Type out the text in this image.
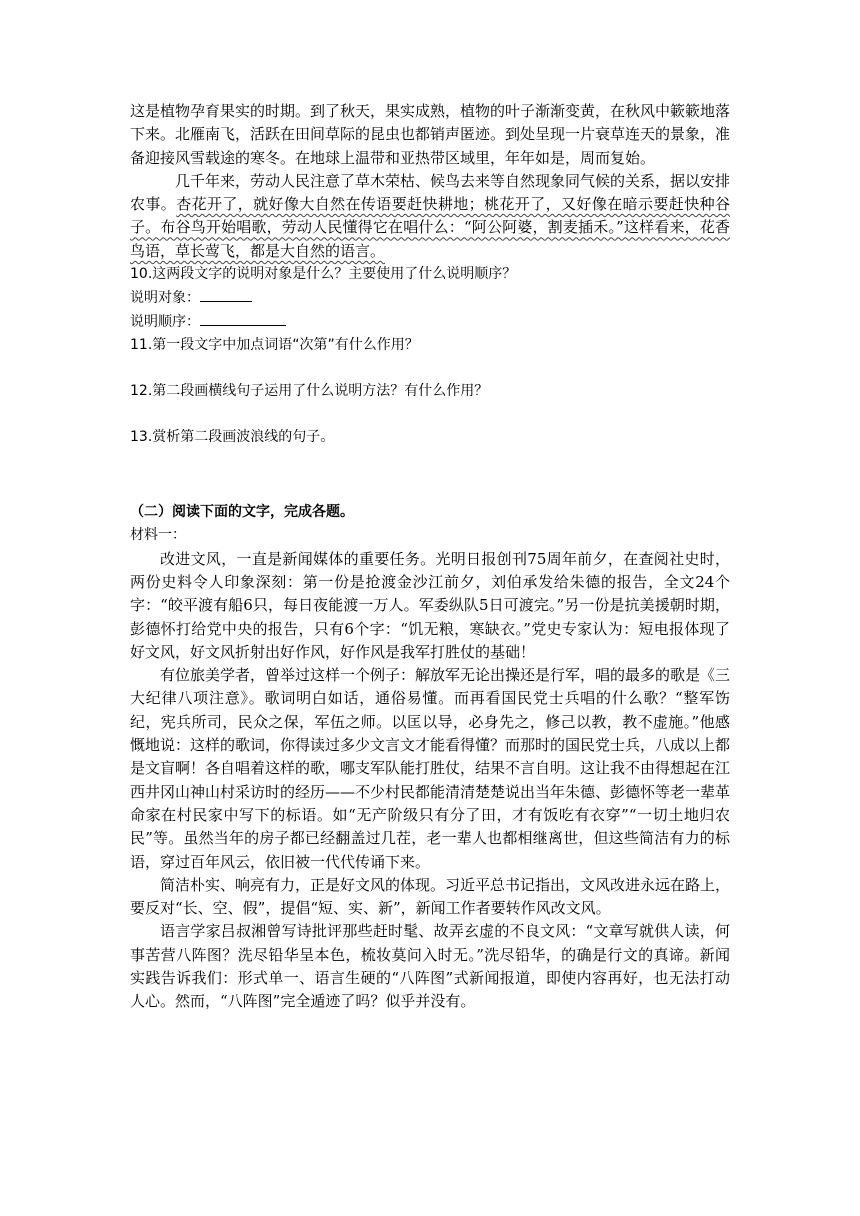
这是植物孕育果实的时期。到了秋天，果实成熟，植物的叶子渐渐变黄，在秋风中簌簌地落下来。北雁南飞，活跃在田间草际的昆虫也都销声匿迹。到处呈现一片衰草连天的景象，准备迎接风雪载途的寒冬。在地球上温带和亚热带区域里，年年如是，周而复始。

几千年来，劳动人民注意了草木荣枯、候鸟去来等自然现象同气候的关系，据以安排农事。杏花开了，就好像大自然在传语要赶快耕地；桃花开了，又好像在暗示要赶快种谷子。布谷鸟开始唱歌，劳动人民懂得它在唱什么：“阿公阿婆，割麦插禾。”这样看来，花香鸟语，草长莺飞，都是大自然的语言。

10.这两段文字的说明对象是什么？主要使用了什么说明顺序？

说明对象：

说明顺序：

11.第一段文字中加点词语“次第”有什么作用？

12.第二段画横线句子运用了什么说明方法？有什么作用？

13.赏析第二段画波浪线的句子。

（二）阅读下面的文字，完成各题。

材料一：

改进文风，一直是新闻媒体的重要任务。光明日报创刊75周年前夕，在查阅社史时，两份史料令人印象深刻：第一份是抢渡金沙江前夕，刘伯承发给朱德的报告，全文24个字：“皎平渡有船6只，每日夜能渡一万人。军委纵队5日可渡完。”另一份是抗美援朝时期，彭德怀打给党中央的报告，只有6个字：“饥无粮，寒缺衣。”党史专家认为：短电报体现了好文风，好文风折射出好作风，好作风是我军打胜仗的基础！

有位旅美学者，曾举过这样一个例子：解放军无论出操还是行军，唱的最多的歌是《三大纪律八项注意》。歌词明白如话，通俗易懂。而再看国民党士兵唱的什么歌？“整军饬纪，宪兵所司，民众之保，军伍之师。以匡以导，必身先之，修己以教，教不虚施。”他感慨地说：这样的歌词，你得读过多少文言文才能看得懂？而那时的国民党士兵，八成以上都是文盲啊！各自唱着这样的歌，哪支军队能打胜仗，结果不言自明。这让我不由得想起在江西井冈山神山村采访时的经历——不少村民都能清清楚楚说出当年朱德、彭德怀等老一辈革命家在村民家中写下的标语。如“无产阶级只有分了田，才有饭吃有衣穿”“一切土地归农民”等。虽然当年的房子都已经翻盖过几茬，老一辈人也都相继离世，但这些简洁有力的标语，穿过百年风云，依旧被一代代传诵下来。

简洁朴实、响亮有力，正是好文风的体现。习近平总书记指出，文风改进永远在路上，要反对“长、空、假”，提倡“短、实、新”，新闻工作者要转作风改文风。

语言学家吕叔湘曾写诗批评那些赶时髦、故弄玄虚的不良文风：“文章写就供人读，何事苦营八阵图？洗尽铅华呈本色，梳妆莫问入时无。”洗尽铅华，的确是行文的真谛。新闻实践告诉我们：形式单一、语言生硬的“八阵图”式新闻报道，即使内容再好，也无法打动人心。然而，“八阵图”完全遁迹了吗？似乎并没有。
